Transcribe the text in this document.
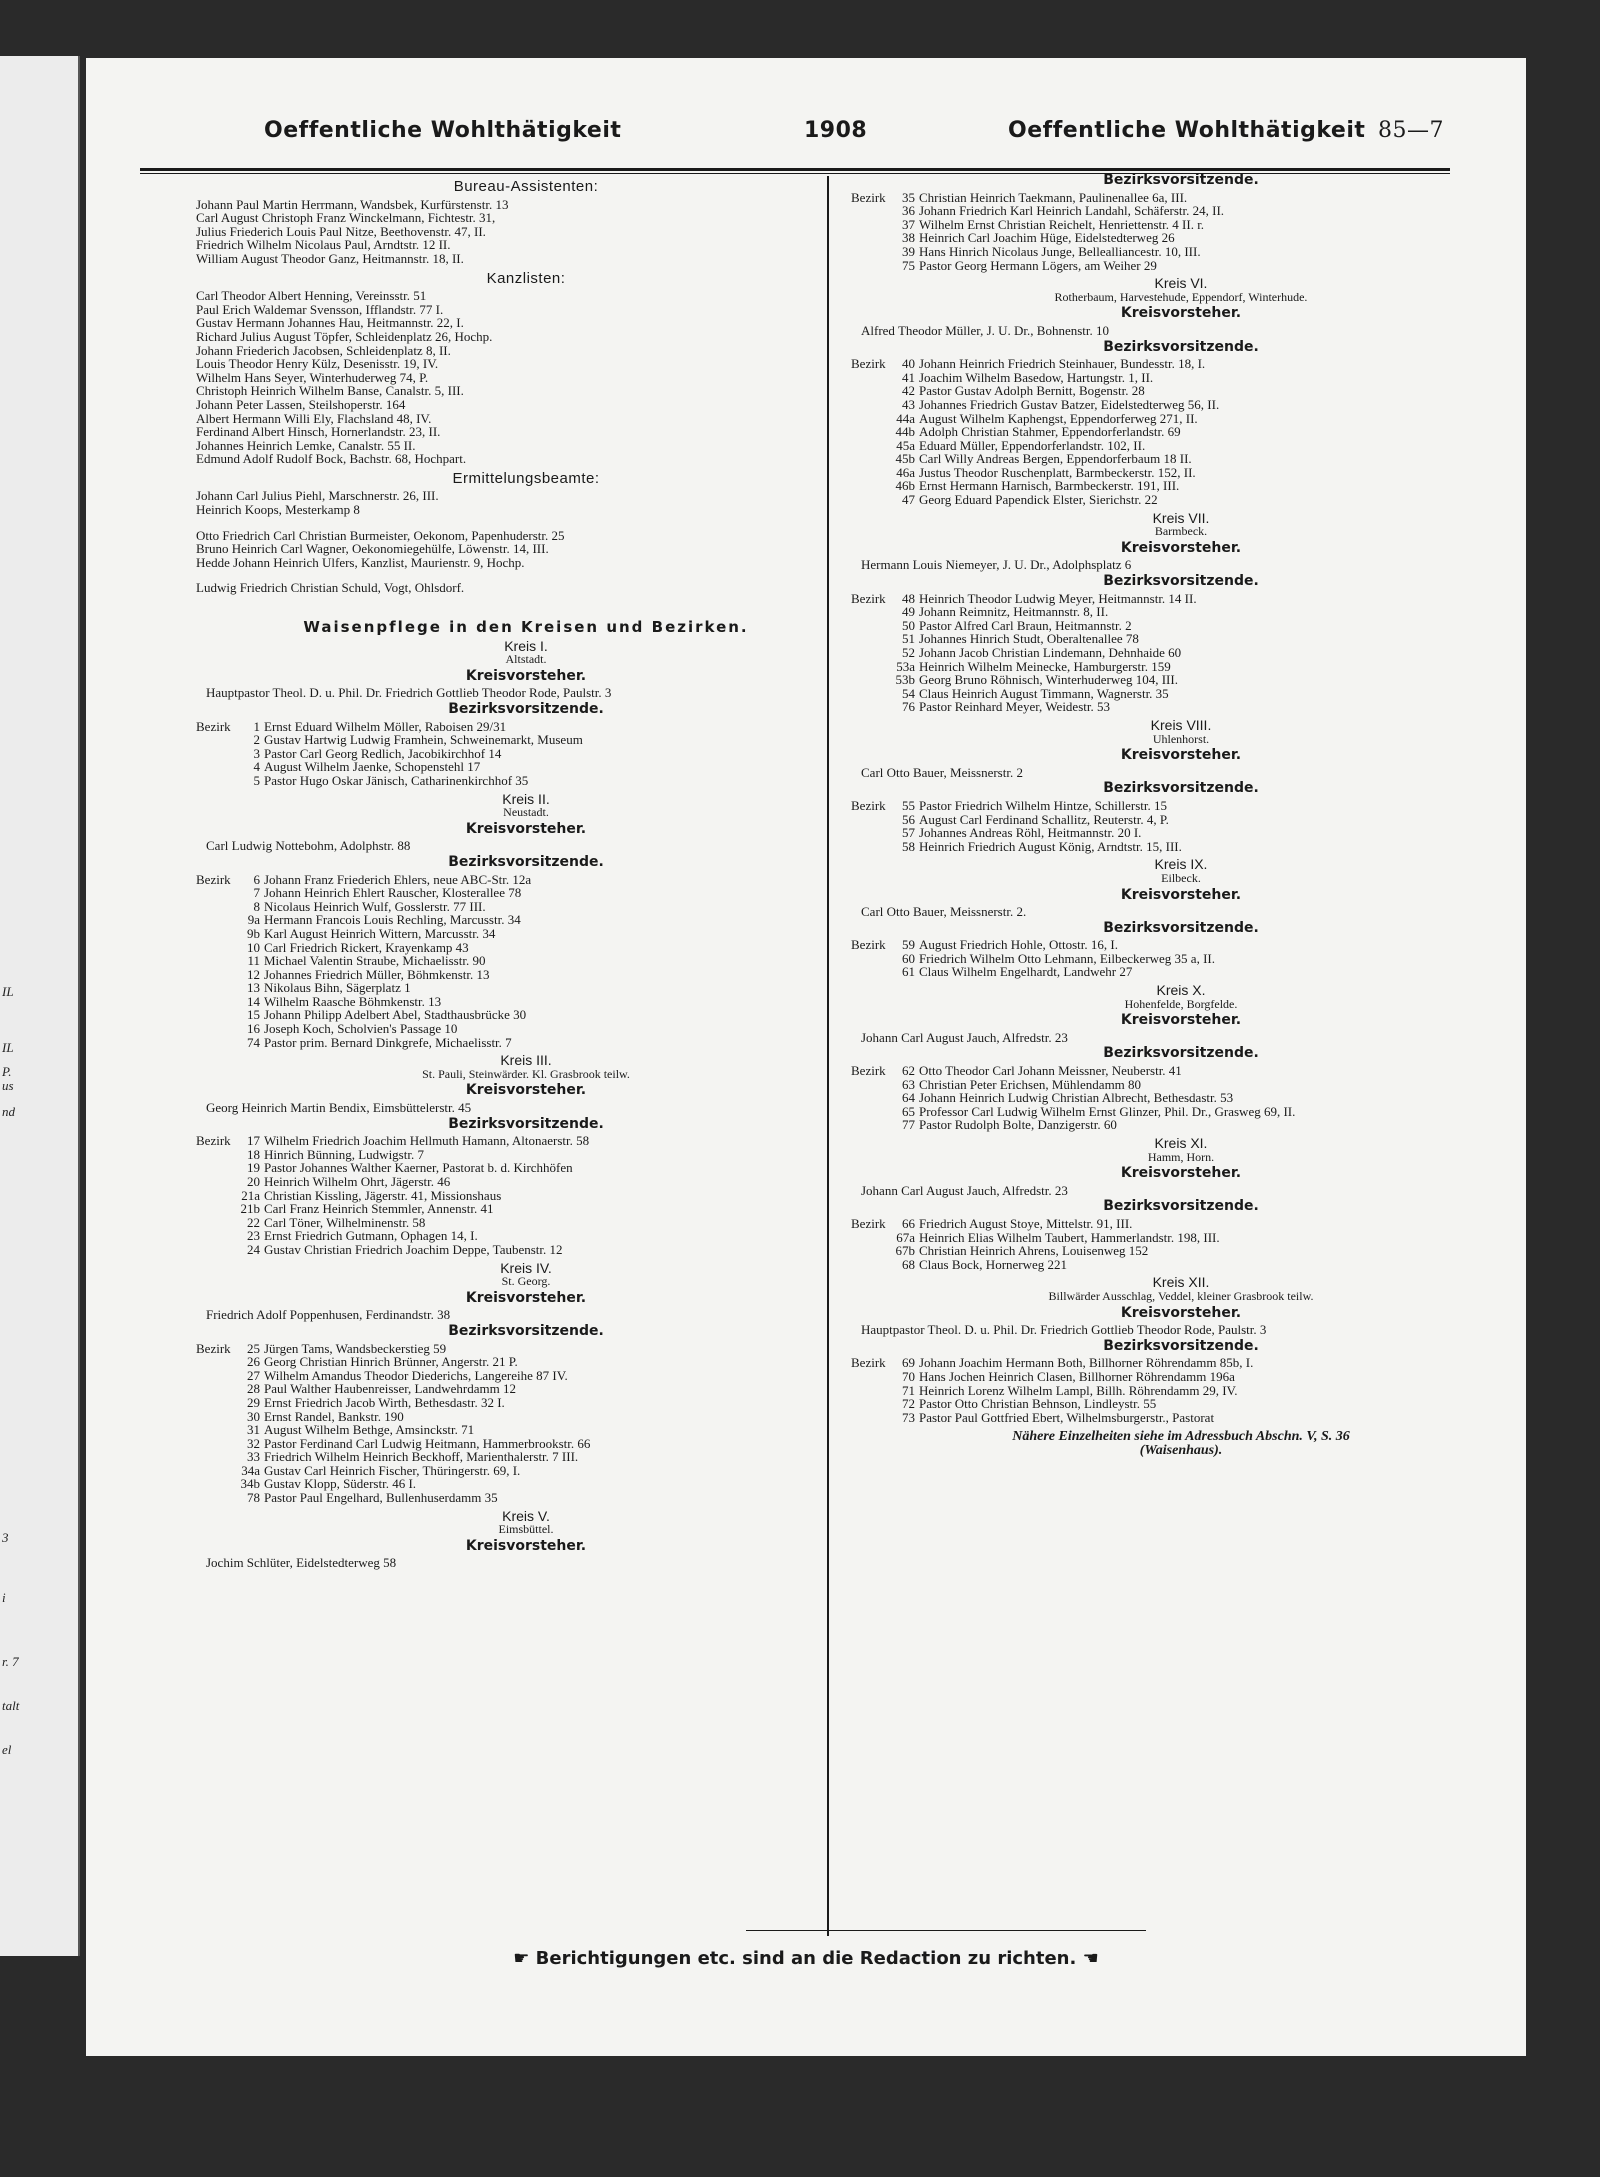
IL
IL
P.
us
nd
3
i
r. 7
talt
el
Oeffentliche Wohlthätigkeit	1908	Oeffentliche Wohlthätigkeit 85—7
Bureau-Assistenten:
Johann Paul Martin Herrmann, Wandsbek, Kurfürstenstr. 13
Carl August Christoph Franz Winckelmann, Fichtestr. 31,
Julius Friederich Louis Paul Nitze, Beethovenstr. 47, II.
Friedrich Wilhelm Nicolaus Paul, Arndtstr. 12 II.
William August Theodor Ganz, Heitmannstr. 18, II.
Kanzlisten:
Carl Theodor Albert Henning, Vereinsstr. 51
Paul Erich Waldemar Svensson, Ifflandstr. 77 I.
Gustav Hermann Johannes Hau, Heitmannstr. 22, I.
Richard Julius August Töpfer, Schleidenplatz 26, Hochp.
Johann Friederich Jacobsen, Schleidenplatz 8, II.
Louis Theodor Henry Külz, Desenisstr. 19, IV.
Wilhelm Hans Seyer, Winterhuderweg 74, P.
Christoph Heinrich Wilhelm Banse, Canalstr. 5, III.
Johann Peter Lassen, Steilshoperstr. 164
Albert Hermann Willi Ely, Flachsland 48, IV.
Ferdinand Albert Hinsch, Hornerlandstr. 23, II.
Johannes Heinrich Lemke, Canalstr. 55 II.
Edmund Adolf Rudolf Bock, Bachstr. 68, Hochpart.
Ermittelungsbeamte:
Johann Carl Julius Piehl, Marschnerstr. 26, III.
Heinrich Koops, Mesterkamp 8
Otto Friedrich Carl Christian Burmeister, Oekonom, Papenhuderstr. 25
Bruno Heinrich Carl Wagner, Oekonomiegehülfe, Löwenstr. 14, III.
Hedde Johann Heinrich Ulfers, Kanzlist, Maurienstr. 9, Hochp.
Ludwig Friedrich Christian Schuld, Vogt, Ohlsdorf.
Waisenpflege in den Kreisen und Bezirken.
Kreis I.
Altstadt.
Kreisvorsteher.
Hauptpastor Theol. D. u. Phil. Dr. Friedrich Gottlieb Theodor Rode, Paulstr. 3
Bezirksvorsitzende.
Bezirk	1 Ernst Eduard Wilhelm Möller, Raboisen 29/31
2 Gustav Hartwig Ludwig Framhein, Schweinemarkt, Museum
3 Pastor Carl Georg Redlich, Jacobikirchhof 14
4 August Wilhelm Jaenke, Schopenstehl 17
5 Pastor Hugo Oskar Jänisch, Catharinenkirchhof 35
Kreis II.
Neustadt.
Kreisvorsteher.
Carl Ludwig Nottebohm, Adolphstr. 88
Bezirksvorsitzende.
Bezirk	6 Johann Franz Friederich Ehlers, neue ABC-Str. 12a
7 Johann Heinrich Ehlert Rauscher, Klosterallee 78
8 Nicolaus Heinrich Wulf, Gosslerstr. 77 III.
9a Hermann Francois Louis Rechling, Marcusstr. 34
9b Karl August Heinrich Wittern, Marcusstr. 34
10 Carl Friedrich Rickert, Krayenkamp 43
11 Michael Valentin Straube, Michaelisstr. 90
12 Johannes Friedrich Müller, Böhmkenstr. 13
13 Nikolaus Bihn, Sägerplatz 1
14 Wilhelm Raasche Böhmkenstr. 13
15 Johann Philipp Adelbert Abel, Stadthausbrücke 30
16 Joseph Koch, Scholvien's Passage 10
74 Pastor prim. Bernard Dinkgrefe, Michaelisstr. 7
Kreis III.
St. Pauli, Steinwärder. Kl. Grasbrook teilw.
Kreisvorsteher.
Georg Heinrich Martin Bendix, Eimsbüttelerstr. 45
Bezirksvorsitzende.
Bezirk	17 Wilhelm Friedrich Joachim Hellmuth Hamann, Altonaerstr. 58
18 Hinrich Bünning, Ludwigstr. 7
19 Pastor Johannes Walther Kaerner, Pastorat b. d. Kirchhöfen
20 Heinrich Wilhelm Ohrt, Jägerstr. 46
21a Christian Kissling, Jägerstr. 41, Missionshaus
21b Carl Franz Heinrich Stemmler, Annenstr. 41
22 Carl Töner, Wilhelminenstr. 58
23 Ernst Friedrich Gutmann, Ophagen 14, I.
24 Gustav Christian Friedrich Joachim Deppe, Taubenstr. 12
Kreis IV.
St. Georg.
Kreisvorsteher.
Friedrich Adolf Poppenhusen, Ferdinandstr. 38
Bezirksvorsitzende.
Bezirk	25 Jürgen Tams, Wandsbeckerstieg 59
26 Georg Christian Hinrich Brünner, Angerstr. 21 P.
27 Wilhelm Amandus Theodor Diederichs, Langereihe 87 IV.
28 Paul Walther Haubenreisser, Landwehrdamm 12
29 Ernst Friedrich Jacob Wirth, Bethesdastr. 32 I.
30 Ernst Randel, Bankstr. 190
31 August Wilhelm Bethge, Amsinckstr. 71
32 Pastor Ferdinand Carl Ludwig Heitmann, Hammerbrookstr. 66
33 Friedrich Wilhelm Heinrich Beckhoff, Marienthalerstr. 7 III.
34a Gustav Carl Heinrich Fischer, Thüringerstr. 69, I.
34b Gustav Klopp, Süderstr. 46 I.
78 Pastor Paul Engelhard, Bullenhuserdamm 35
Kreis V.
Eimsbüttel.
Kreisvorsteher.
Jochim Schlüter, Eidelstedterweg 58
Bezirksvorsitzende.
Bezirk	35 Christian Heinrich Taekmann, Paulinenallee 6a, III.
36 Johann Friedrich Karl Heinrich Landahl, Schäferstr. 24, II.
37 Wilhelm Ernst Christian Reichelt, Henriettenstr. 4 II. r.
38 Heinrich Carl Joachim Hüge, Eidelstedterweg 26
39 Hans Hinrich Nicolaus Junge, Bellealliancestr. 10, III.
75 Pastor Georg Hermann Lögers, am Weiher 29
Kreis VI.
Rotherbaum, Harvestehude, Eppendorf, Winterhude.
Kreisvorsteher.
Alfred Theodor Müller, J. U. Dr., Bohnenstr. 10
Bezirksvorsitzende.
Bezirk	40 Johann Heinrich Friedrich Steinhauer, Bundesstr. 18, I.
41 Joachim Wilhelm Basedow, Hartungstr. 1, II.
42 Pastor Gustav Adolph Bernitt, Bogenstr. 28
43 Johannes Friedrich Gustav Batzer, Eidelstedterweg 56, II.
44a August Wilhelm Kaphengst, Eppendorferweg 271, II.
44b Adolph Christian Stahmer, Eppendorferlandstr. 69
45a Eduard Müller, Eppendorferlandstr. 102, II.
45b Carl Willy Andreas Bergen, Eppendorferbaum 18 II.
46a Justus Theodor Ruschenplatt, Barmbeckerstr. 152, II.
46b Ernst Hermann Harnisch, Barmbeckerstr. 191, III.
47 Georg Eduard Papendick Elster, Sierichstr. 22
Kreis VII.
Barmbeck.
Kreisvorsteher.
Hermann Louis Niemeyer, J. U. Dr., Adolphsplatz 6
Bezirksvorsitzende.
Bezirk	48 Heinrich Theodor Ludwig Meyer, Heitmannstr. 14 II.
49 Johann Reimnitz, Heitmannstr. 8, II.
50 Pastor Alfred Carl Braun, Heitmannstr. 2
51 Johannes Hinrich Studt, Oberaltenallee 78
52 Johann Jacob Christian Lindemann, Dehnhaide 60
53a Heinrich Wilhelm Meinecke, Hamburgerstr. 159
53b Georg Bruno Röhnisch, Winterhuderweg 104, III.
54 Claus Heinrich August Timmann, Wagnerstr. 35
76 Pastor Reinhard Meyer, Weidestr. 53
Kreis VIII.
Uhlenhorst.
Kreisvorsteher.
Carl Otto Bauer, Meissnerstr. 2
Bezirksvorsitzende.
Bezirk	55 Pastor Friedrich Wilhelm Hintze, Schillerstr. 15
56 August Carl Ferdinand Schallitz, Reuterstr. 4, P.
57 Johannes Andreas Röhl, Heitmannstr. 20 I.
58 Heinrich Friedrich August König, Arndtstr. 15, III.
Kreis IX.
Eilbeck.
Kreisvorsteher.
Carl Otto Bauer, Meissnerstr. 2.
Bezirksvorsitzende.
Bezirk	59 August Friedrich Hohle, Ottostr. 16, I.
60 Friedrich Wilhelm Otto Lehmann, Eilbeckerweg 35 a, II.
61 Claus Wilhelm Engelhardt, Landwehr 27
Kreis X.
Hohenfelde, Borgfelde.
Kreisvorsteher.
Johann Carl August Jauch, Alfredstr. 23
Bezirksvorsitzende.
Bezirk	62 Otto Theodor Carl Johann Meissner, Neuberstr. 41
63 Christian Peter Erichsen, Mühlendamm 80
64 Johann Heinrich Ludwig Christian Albrecht, Bethesdastr. 53
65 Professor Carl Ludwig Wilhelm Ernst Glinzer, Phil. Dr., Grasweg 69, II.
77 Pastor Rudolph Bolte, Danzigerstr. 60
Kreis XI.
Hamm, Horn.
Kreisvorsteher.
Johann Carl August Jauch, Alfredstr. 23
Bezirksvorsitzende.
Bezirk	66 Friedrich August Stoye, Mittelstr. 91, III.
67a Heinrich Elias Wilhelm Taubert, Hammerlandstr. 198, III.
67b Christian Heinrich Ahrens, Louisenweg 152
68 Claus Bock, Hornerweg 221
Kreis XII.
Billwärder Ausschlag, Veddel, kleiner Grasbrook teilw.
Kreisvorsteher.
Hauptpastor Theol. D. u. Phil. Dr. Friedrich Gottlieb Theodor Rode, Paulstr. 3
Bezirksvorsitzende.
Bezirk	69 Johann Joachim Hermann Both, Billhorner Röhrendamm 85b, I.
70 Hans Jochen Heinrich Clasen, Billhorner Röhrendamm 196a
71 Heinrich Lorenz Wilhelm Lampl, Billh. Röhrendamm 29, IV.
72 Pastor Otto Christian Behnson, Lindleystr. 55
73 Pastor Paul Gottfried Ebert, Wilhelmsburgerstr., Pastorat
Nähere Einzelheiten siehe im Adressbuch Abschn. V, S. 36
(Waisenhaus).
☛ Berichtigungen etc. sind an die Redaction zu richten. ☚
